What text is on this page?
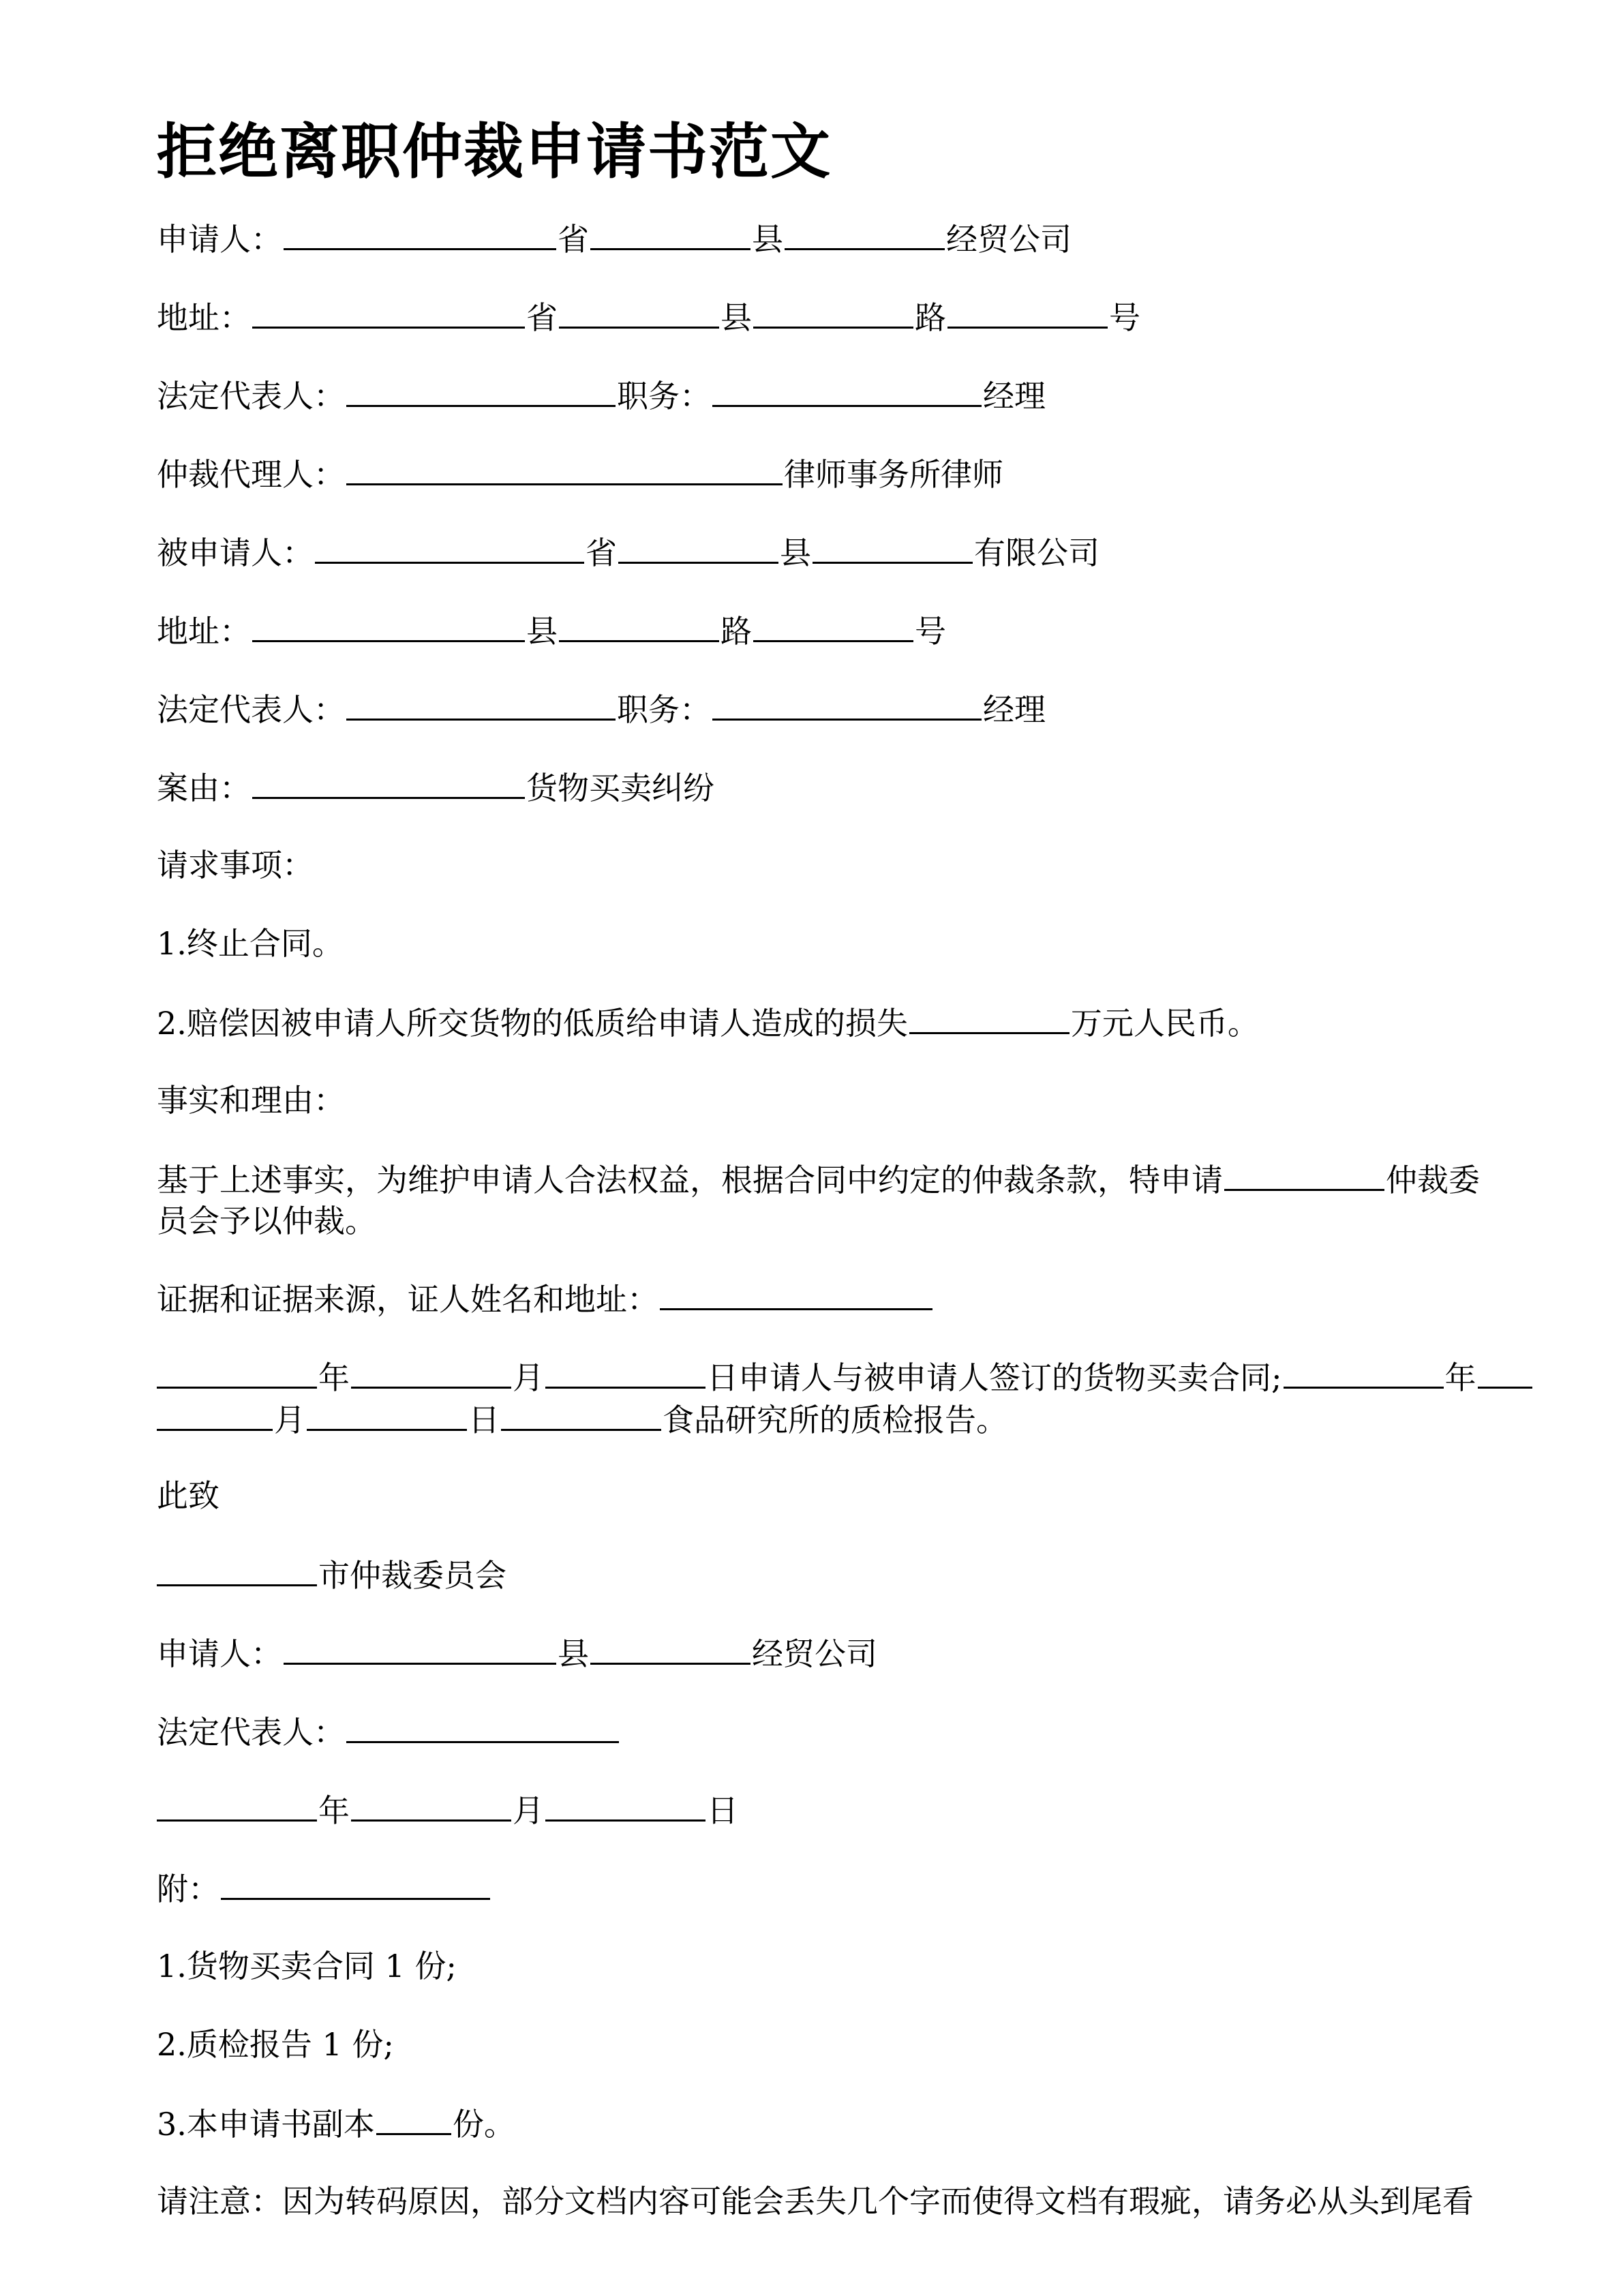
拒绝离职仲裁申请书范文
申请人：	省	县	经贸公司
地址：	省	县	路	号
法定代表人：	职务：	经理
仲裁代理人：	律师事务所律师
被申请人：	省	县	有限公司
地址：	县	路	号
法定代表人：	职务：	经理
案由：	货物买卖纠纷
请求事项：
1.终止合同。
2.赔偿因被申请人所交货物的低质给申请人造成的损失	万元人民币。
事实和理由：
基于上述事实，为维护申请人合法权益，根据合同中约定的仲裁条款，特申请	仲裁委
员会予以仲裁。
证据和证据来源，证人姓名和地址：
年	月	日申请人与被申请人签订的货物买卖合同;	年
月	日	食品研究所的质检报告。
此致
市仲裁委员会
申请人：	县	经贸公司
法定代表人：
年	月	日
附：
1.货物买卖合同 1 份;
2.质检报告 1 份;
3.本申请书副本 份。
请注意：因为转码原因，部分文档内容可能会丢失几个字而使得文档有瑕疵，请务必从头到尾看
